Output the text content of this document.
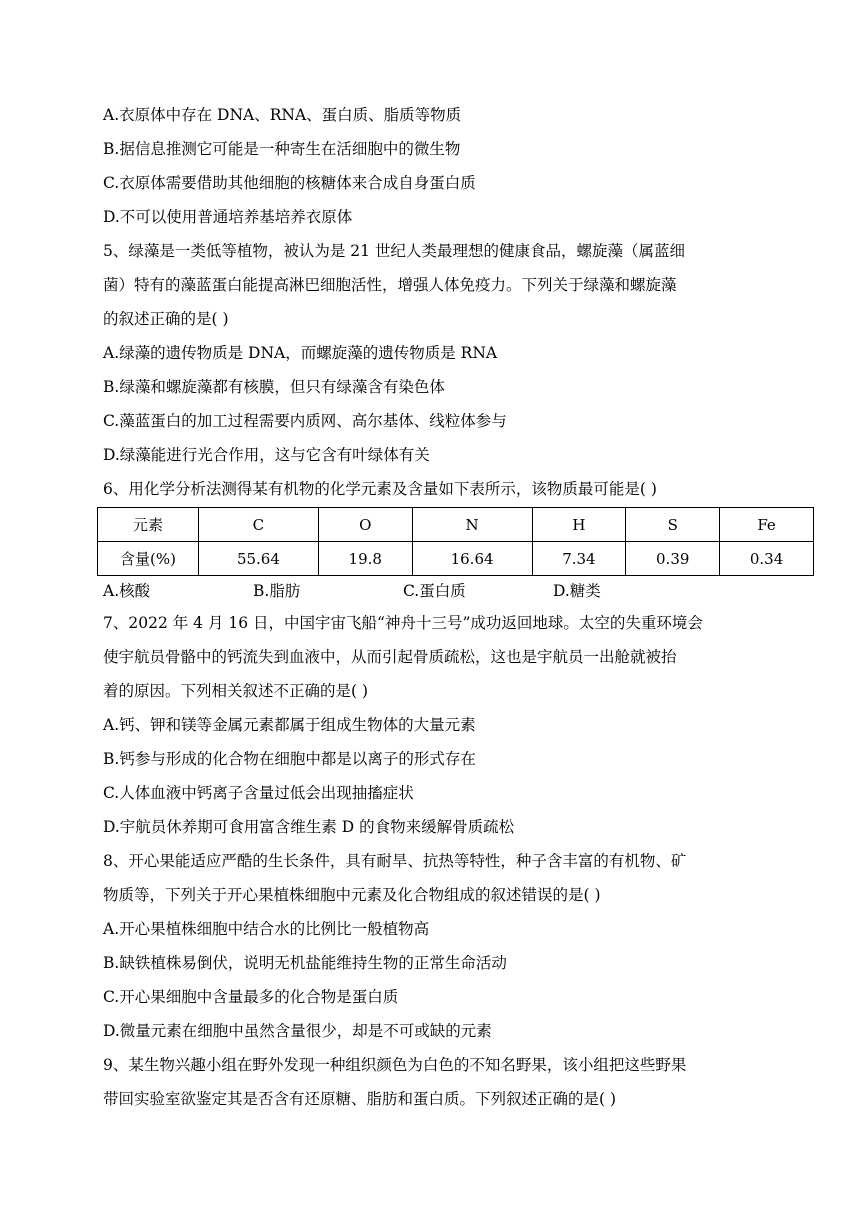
A.衣原体中存在 DNA、RNA、蛋白质、脂质等物质
B.据信息推测它可能是一种寄生在活细胞中的微生物
C.衣原体需要借助其他细胞的核糖体来合成自身蛋白质
D.不可以使用普通培养基培养衣原体
5、绿藻是一类低等植物，被认为是 21 世纪人类最理想的健康食品，螺旋藻（属蓝细
菌）特有的藻蓝蛋白能提高淋巴细胞活性，增强人体免疫力。下列关于绿藻和螺旋藻
的叙述正确的是( )
A.绿藻的遗传物质是 DNA，而螺旋藻的遗传物质是 RNA
B.绿藻和螺旋藻都有核膜，但只有绿藻含有染色体
C.藻蓝蛋白的加工过程需要内质网、高尔基体、线粒体参与
D.绿藻能进行光合作用，这与它含有叶绿体有关
6、用化学分析法测得某有机物的化学元素及含量如下表所示，该物质最可能是( )
元素	C	O	N	H	S	Fe
含量(%)	55.64	19.8	16.64	7.34	0.39	0.34
A.核酸	B.脂肪	C.蛋白质	D.糖类
7、2022 年 4 月 16 日，中国宇宙飞船“神舟十三号”成功返回地球。太空的失重环境会
使宇航员骨骼中的钙流失到血液中，从而引起骨质疏松，这也是宇航员一出舱就被抬
着的原因。下列相关叙述不正确的是( )
A.钙、钾和镁等金属元素都属于组成生物体的大量元素
B.钙参与形成的化合物在细胞中都是以离子的形式存在
C.人体血液中钙离子含量过低会出现抽搐症状
D.宇航员休养期可食用富含维生素 D 的食物来缓解骨质疏松
8、开心果能适应严酷的生长条件，具有耐旱、抗热等特性，种子含丰富的有机物、矿
物质等，下列关于开心果植株细胞中元素及化合物组成的叙述错误的是( )
A.开心果植株细胞中结合水的比例比一般植物高
B.缺铁植株易倒伏，说明无机盐能维持生物的正常生命活动
C.开心果细胞中含量最多的化合物是蛋白质
D.微量元素在细胞中虽然含量很少，却是不可或缺的元素
9、某生物兴趣小组在野外发现一种组织颜色为白色的不知名野果，该小组把这些野果
带回实验室欲鉴定其是否含有还原糖、脂肪和蛋白质。下列叙述正确的是( )
